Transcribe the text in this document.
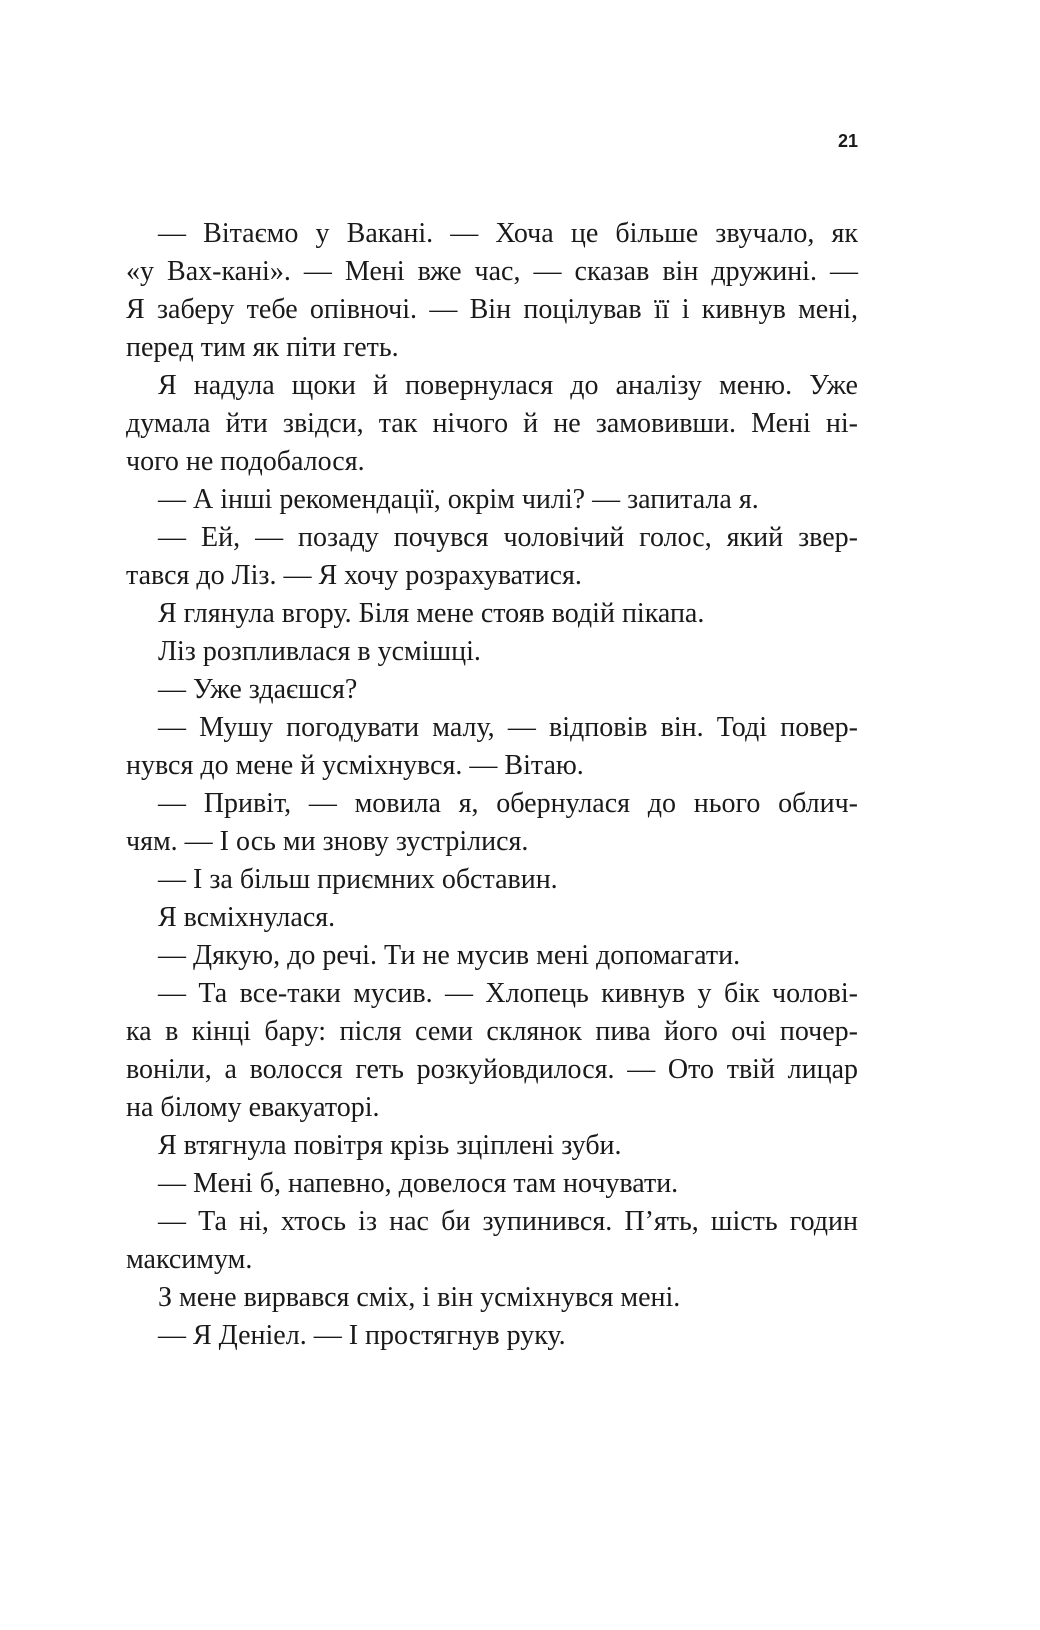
21
— Вітаємо у Вакані. — Хоча це більше звучало, як
«у Вах-кані». — Мені вже час, — сказав він дружині. —
Я заберу тебе опівночі. — Він поцілував її і кивнув мені,
перед тим як піти геть.
Я надула щоки й повернулася до аналізу меню. Уже
думала йти звідси, так нічого й не замовивши. Мені ні-
чого не подобалося.
— А інші рекомендації, окрім чилі? — запитала я.
— Ей, — позаду почувся чоловічий голос, який звер-
тався до Ліз. — Я хочу розрахуватися.
Я глянула вгору. Біля мене стояв водій пікапа.
Ліз розпливлася в усмішці.
— Уже здаєшся?
— Мушу погодувати малу, — відповів він. Тоді повер-
нувся до мене й усміхнувся. — Вітаю.
— Привіт, — мовила я, обернулася до нього облич-
чям. — І ось ми знову зустрілися.
— І за більш приємних обставин.
Я всміхнулася.
— Дякую, до речі. Ти не мусив мені допомагати.
— Та все-таки мусив. — Хлопець кивнув у бік чолові-
ка в кінці бару: після семи склянок пива його очі почер-
воніли, а волосся геть розкуйовдилося. — Ото твій лицар
на білому евакуаторі.
Я втягнула повітря крізь зціплені зуби.
— Мені б, напевно, довелося там ночувати.
— Та ні, хтось із нас би зупинився. П’ять, шість годин
максимум.
З мене вирвався сміх, і він усміхнувся мені.
— Я Деніел. — І простягнув руку.
